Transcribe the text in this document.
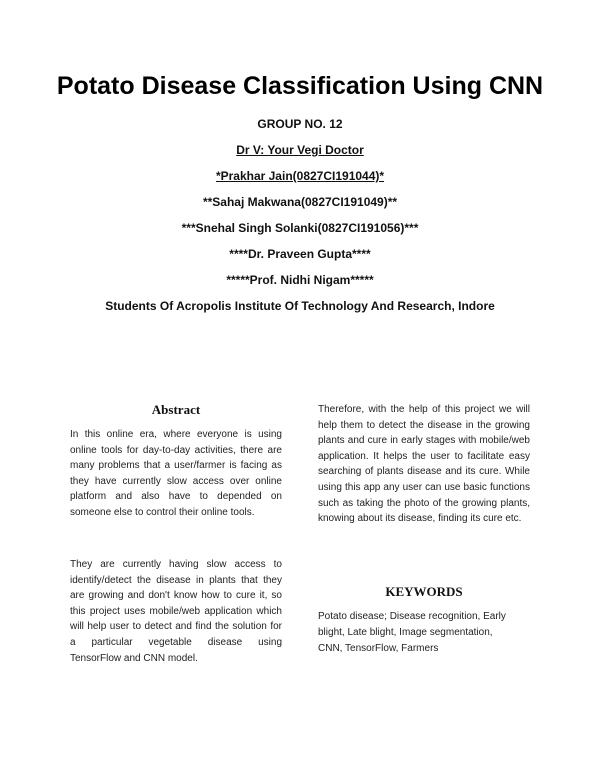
Potato Disease Classification Using CNN
GROUP NO. 12
Dr V: Your Vegi Doctor
*Prakhar Jain(0827CI191044)*
**Sahaj Makwana(0827CI191049)**
***Snehal Singh Solanki(0827CI191056)***
****Dr. Praveen Gupta****
*****Prof. Nidhi Nigam*****
Students Of Acropolis Institute Of Technology And Research, Indore
Abstract

In this online era, where everyone is using online tools for day-to-day activities, there are many problems that a user/farmer is facing as they have currently slow access over online platform and also have to depended on someone else to control their online tools.

They are currently having slow access to identify/detect the disease in plants that they are growing and don't know how to cure it, so this project uses mobile/web application which will help user to detect and find the solution for a particular vegetable disease using TensorFlow and CNN model.

Therefore, with the help of this project we will help them to detect the disease in the growing plants and cure in early stages with mobile/web application. It helps the user to facilitate easy searching of plants disease and its cure. While using this app any user can use basic functions such as taking the photo of the growing plants, knowing about its disease, finding its cure etc.

KEYWORDS

Potato disease; Disease recognition, Early blight, Late blight, Image segmentation, CNN, TensorFlow, Farmers
